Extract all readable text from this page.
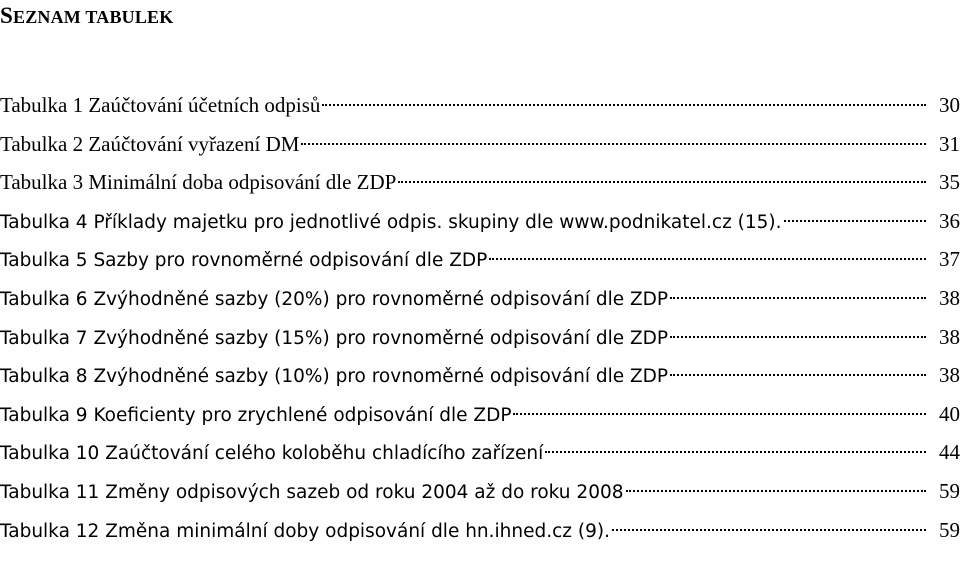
SEZNAM TABULEK
Tabulka 1 Zaúčtování účetních odpisů	30
Tabulka 2 Zaúčtování vyřazení DM	31
Tabulka 3 Minimální doba odpisování dle ZDP	35
Tabulka 4 Příklady majetku pro jednotlivé odpis. skupiny dle www.podnikatel.cz (15).	36
Tabulka 5 Sazby pro rovnoměrné odpisování dle ZDP	37
Tabulka 6 Zvýhodněné sazby (20%) pro rovnoměrné odpisování dle ZDP	38
Tabulka 7 Zvýhodněné sazby (15%) pro rovnoměrné odpisování dle ZDP	38
Tabulka 8 Zvýhodněné sazby (10%) pro rovnoměrné odpisování dle ZDP	38
Tabulka 9 Koeficienty pro zrychlené odpisování dle ZDP	40
Tabulka 10 Zaúčtování celého koloběhu chladícího zařízení	44
Tabulka 11 Změny odpisových sazeb od roku 2004 až do roku 2008	59
Tabulka 12 Změna minimální doby odpisování dle hn.ihned.cz (9).	59
